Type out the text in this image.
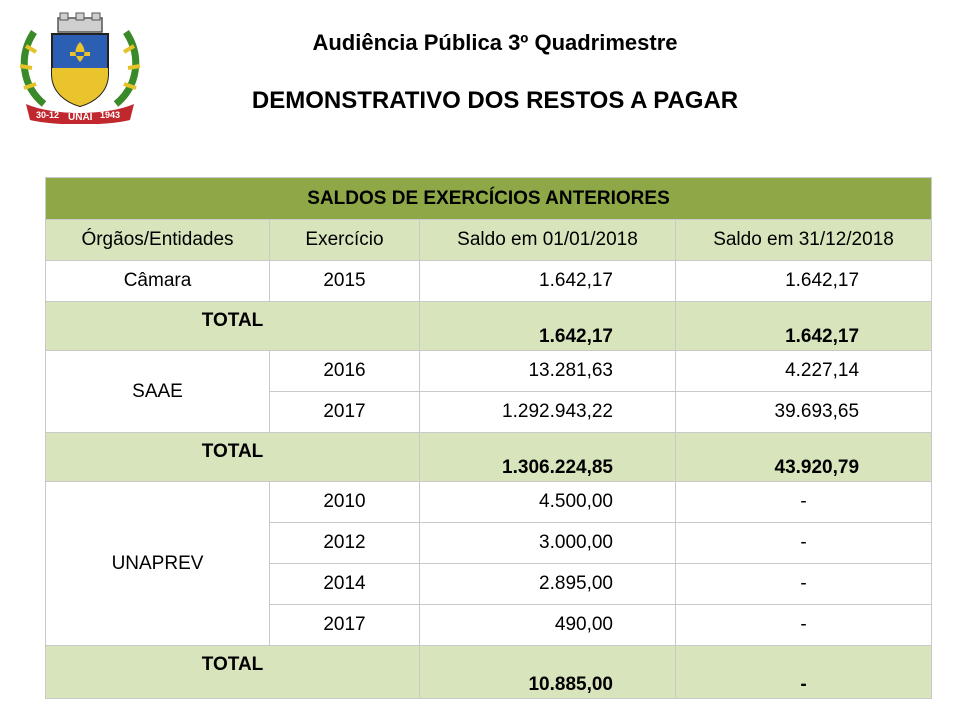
30-12 UNAI 1943
Audiência Pública 3º Quadrimestre
DEMONSTRATIVO DOS RESTOS A PAGAR
SALDOS DE EXERCÍCIOS ANTERIORES			
Órgãos/Entidades	Exercício	Saldo em 01/01/2018	Saldo em 31/12/2018
Câmara	2015	1.642,17	1.642,17
TOTAL		1.642,17	1.642,17
SAAE	2016	13.281,63	4.227,14
	2017	1.292.943,22	39.693,65
TOTAL		1.306.224,85	43.920,79
UNAPREV	2010	4.500,00	-
	2012	3.000,00	-
	2014	2.895,00	-
	2017	490,00	-
TOTAL		10.885,00	-
